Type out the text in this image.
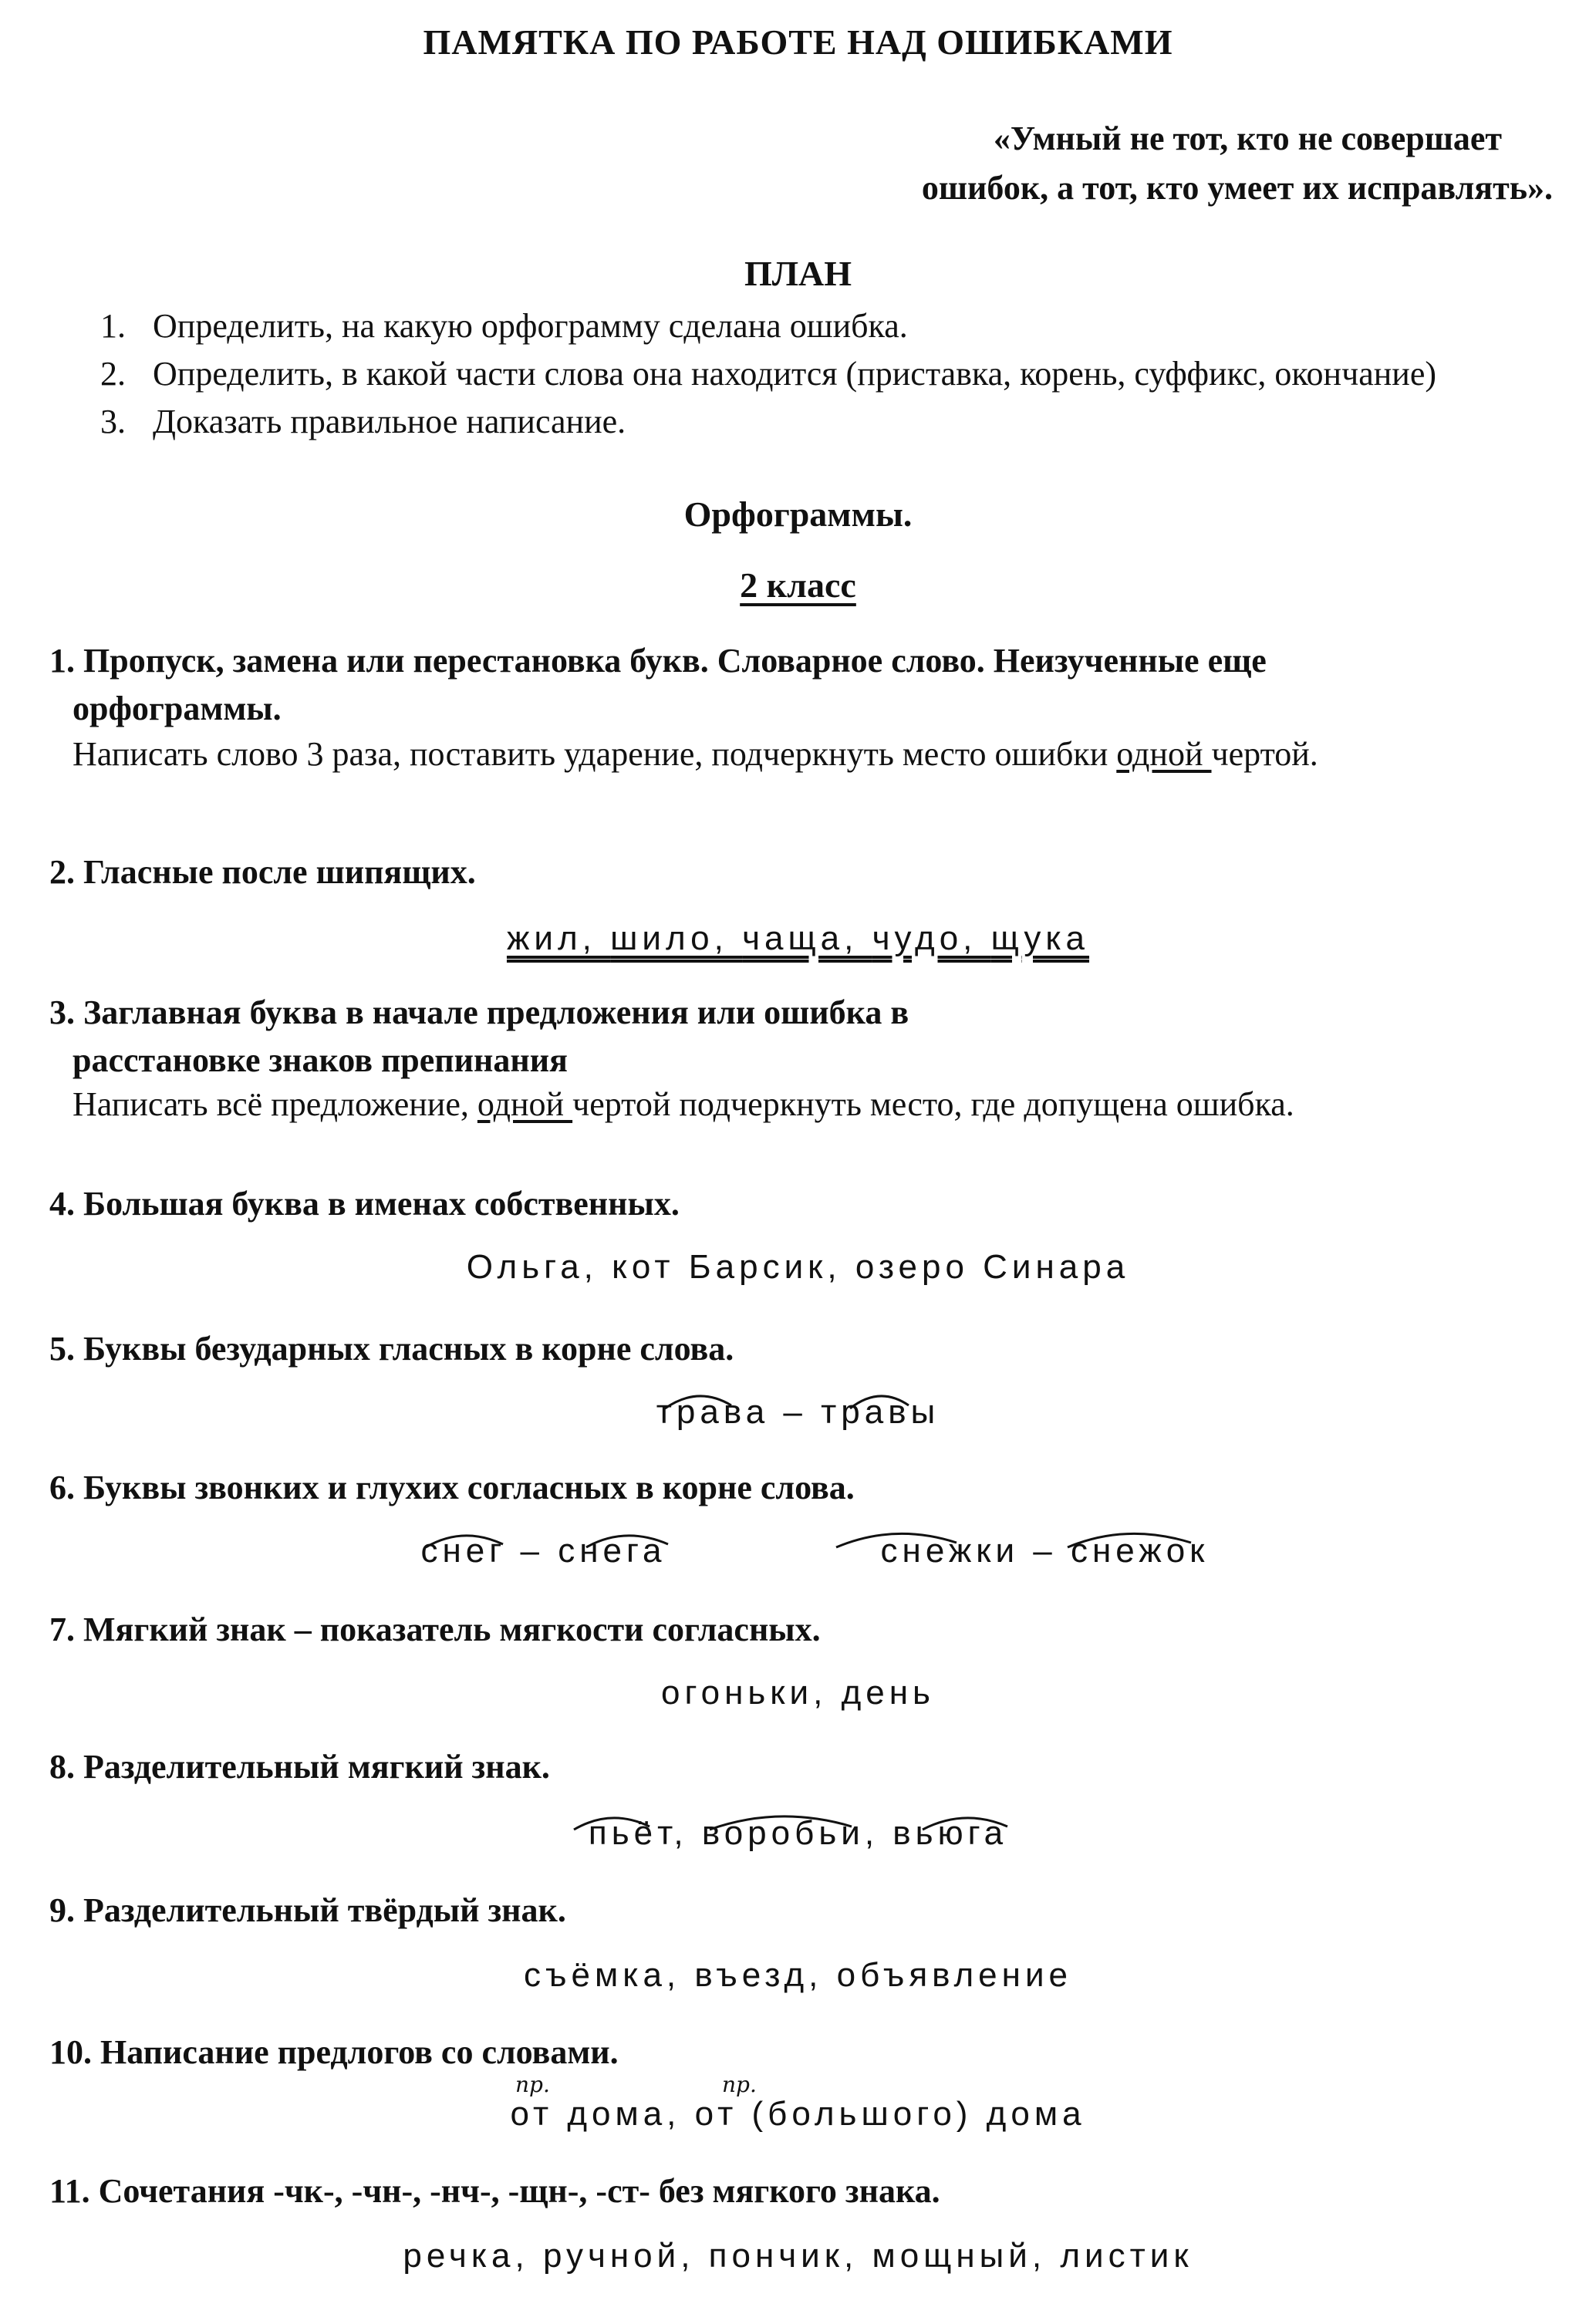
ПАМЯТКА ПО РАБОТЕ НАД ОШИБКАМИ
«Умный не тот, кто не совершает
ошибок, а тот, кто умеет их исправлять».
ПЛАН
1. Определить, на какую орфограмму сделана ошибка.
2. Определить, в какой части слова она находится (приставка, корень, суффикс, окончание)
3. Доказать правильное написание.
Орфограммы.
2 класс
1. Пропуск, замена или перестановка букв. Словарное слово. Неизученные еще
орфограммы.
Написать слово 3 раза, поставить ударение, подчеркнуть место ошибки одной чертой.
2. Гласные после шипящих.
жил, шило, чаща, чудо, щука
3. Заглавная буква в начале предложения или ошибка в
расстановке знаков препинания
Написать всё предложение, одной чертой подчеркнуть место, где допущена ошибка.
4. Большая буква в именах собственных.
Ольга, кот Барсик, озеро Синара
5. Буквы безударных гласных в корне слова.
трава – травы
6. Буквы звонких и глухих согласных в корне слова.
снег – снега	снежки – снежок
7. Мягкий знак – показатель мягкости согласных.
огоньки, день
8. Разделительный мягкий знак.
пьёт, воробьи, вьюга
9. Разделительный твёрдый знак.
съёмка, въезд, объявление
10. Написание предлогов со словами.
пр.	пр.
от дома, от (большого) дома
11. Сочетания -чк-, -чн-, -нч-, -щн-, -ст- без мягкого знака.
речка, ручной, пончик, мощный, листик
